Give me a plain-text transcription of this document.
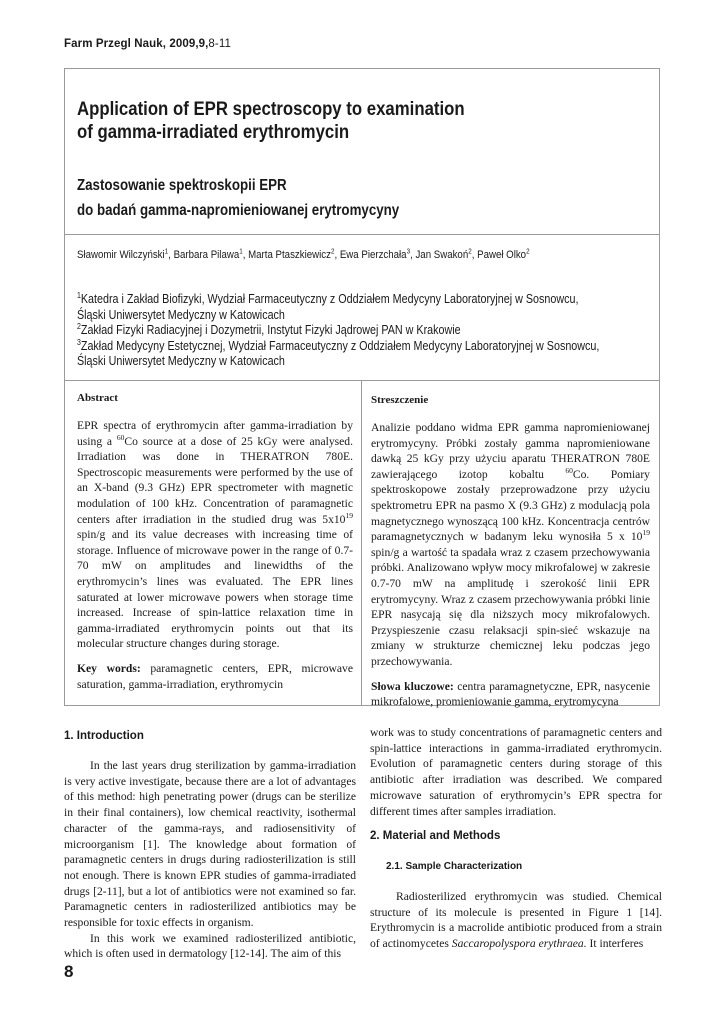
Farm Przegl Nauk, 2009,9,8-11
Application of EPR spectroscopy to examination
of gamma-irradiated erythromycin
Zastosowanie spektroskopii EPR
do badań gamma-napromieniowanej erytromycyny
Sławomir Wilczyński$^1$, Barbara Pilawa$^1$, Marta Ptaszkiewicz$^2$, Ewa Pierzchała$^3$, Jan Swakoń$^2$, Paweł Olko$^2$
$^1$Katedra i Zakład Biofizyki, Wydział Farmaceutyczny z Oddziałem Medycyny Laboratoryjnej w Sosnowcu,
Śląski Uniwersytet Medyczny w Katowicach
$^2$Zakład Fizyki Radiacyjnej i Dozymetrii, Instytut Fizyki Jądrowej PAN w Krakowie
$^3$Zakład Medycyny Estetycznej, Wydział Farmaceutyczny z Oddziałem Medycyny Laboratoryjnej w Sosnowcu,
Śląski Uniwersytet Medyczny w Katowicach
Abstract
EPR spectra of erythromycin after gamma-irradiation by using a $^{60}$Co source at a dose of 25 kGy were analysed. Irradiation was done in THERATRON 780E. Spectroscopic measurements were performed by the use of an X-band (9.3 GHz) EPR spectrometer with magnetic modulation of 100 kHz. Concentration of paramagnetic centers after irradiation in the studied drug was $5x10^{19}$ spin/g and its value decreases with increasing time of storage. Influence of microwave power in the range of 0.7-70 mW on amplitudes and linewidths of the erythromycin’s lines was evaluated. The EPR lines saturated at lower microwave powers when storage time increased. Increase of spin-lattice relaxation time in gamma-irradiated erythromycin points out that its molecular structure changes during storage.
Key words: paramagnetic centers, EPR, microwave saturation, gamma-irradiation, erythromycin
Streszczenie
Analizie poddano widma EPR gamma napromieniowanej erytromycyny. Próbki zostały gamma napromieniowane dawką 25 kGy przy użyciu aparatu THERATRON 780E zawierającego izotop kobaltu $^{60}$Co. Pomiary spektroskopowe zostały przeprowadzone przy użyciu spektrometru EPR na pasmo X (9.3 GHz) z modulacją pola magnetycznego wynoszącą 100 kHz. Koncentracja centrów paramagnetycznych w badanym leku wynosiła 5 x $10^{19}$ spin/g a wartość ta spadała wraz z czasem przechowywania próbki. Analizowano wpływ mocy mikrofalowej w zakresie 0.7-70 mW na amplitudę i szerokość linii EPR erytromycyny. Wraz z czasem przechowywania próbki linie EPR nasycają się dla niższych mocy mikrofalowych. Przyspieszenie czasu relaksacji spin-sieć wskazuje na zmiany w strukturze chemicznej leku podczas jego przechowywania.
Słowa kluczowe: centra paramagnetyczne, EPR, nasycenie mikrofalowe, promieniowanie gamma, erytromycyna
1. Introduction

In the last years drug sterilization by gamma-irradiation is very active investigate, because there are a lot of advantages of this method: high penetrating power (drugs can be sterilize in their final containers), low chemical reactivity, isothermal character of the gamma-rays, and radiosensitivity of microorganism [1]. The knowledge about formation of paramagnetic centers in drugs during radiosterilization is still not enough. There is known EPR studies of gamma-irradiated drugs [2-11], but a lot of antibiotics were not examined so far. Paramagnetic centers in radiosterilized antibiotics may be responsible for toxic effects in organism.

In this work we examined radiosterilized antibiotic, which is often used in dermatology [12-14]. The aim of this

work was to study concentrations of paramagnetic centers and spin-lattice interactions in gamma-irradiated erythromycin. Evolution of paramagnetic centers during storage of this antibiotic after irradiation was described. We compared microwave saturation of erythromycin’s EPR spectra for different times after samples irradiation.

2. Material and Methods
2.1. Sample Characterization

Radiosterilized erythromycin was studied. Chemical structure of its molecule is presented in Figure 1 [14]. Erythromycin is a macrolide antibiotic produced from a strain of actinomycetes Saccaropolyspora erythraea. It interferes

8
